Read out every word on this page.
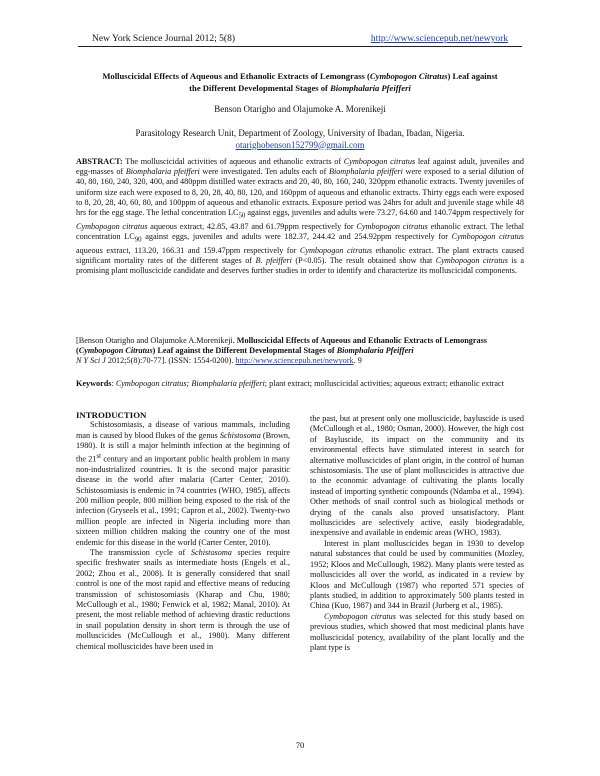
New York Science Journal 2012; 5(8)	http://www.sciencepub.net/newyork
Molluscicidal Effects of Aqueous and Ethanolic Extracts of Lemongrass (Cymbopogon Citratus) Leaf against
the Different Developmental Stages of Biomphalaria Pfeifferi
Benson Otarigho and Olajumoke A. Morenikeji
Parasitology Research Unit, Department of Zoology, University of Ibadan, Ibadan, Nigeria.
otarighobenson152799@gmail.com

ABSTRACT: The molluscicidal activities of aqueous and ethanolic extracts of Cymbopogon citratus leaf against adult, juveniles and egg-masses of Biomphalaria pfeifferi were investigated. Ten adults each of Biomphalaria pfeifferi were exposed to a serial dilution of 40, 80, 160, 240, 320, 400, and 480ppm distilled water extracts and 20, 40, 80, 160, 240, 320ppm ethanolic extracts. Twenty juveniles of uniform size each were exposed to 8, 20, 28, 40, 80, 120, and 160ppm of aqueous and ethanolic extracts. Thirty eggs each were exposed to 8, 20, 28, 40, 60, 80, and 100ppm of aqueous and ethanolic extracts. Exposure period was 24hrs for adult and juvenile stage while 48 hrs for the egg stage. The lethal concentration $LC_{50}$ against eggs, juveniles and adults were 73.27, 64.60 and 140.74ppm respectively for Cymbopogon citratus aqueous extract, 42.85, 43.87 and 61.79ppm respectively for Cymbopogon citratus ethanolic extract. The lethal concentration $LC_{90}$ against eggs, juveniles and adults were 182.37, 244.42 and 254.92ppm respectively for Cymbopogon citratus aqueous extract, 113.20, 166.31 and 159.47ppm respectively for Cymbopogon citratus ethanolic extract. The plant extracts caused significant mortality rates of the different stages of B. pfeifferi (P<0.05). The result obtained show that Cymbopogon citratus is a promising plant molluscicide candidate and deserves further studies in order to identify and characterize its molluscicidal components.

[Benson Otarigho and Olajumoke A.Morenikeji. Molluscicidal Effects of Aqueous and Ethanolic Extracts of Lemongrass (Cymbopogon Citratus) Leaf against the Different Developmental Stages of Biomphalaria Pfeifferi
N Y Sci J 2012;5(8):70-77]. (ISSN: 1554-0200). http://www.sciencepub.net/newyork. 9

Keywords: Cymbopogon citratus; Biomphalaria pfeifferi; plant extract; molluscicidal activities; aqueous extract; ethanolic extract

INTRODUCTION

Schistosomiasis, a disease of various mammals, including man is caused by blood flukes of the genus Schistosoma (Brown, 1980). It is still a major helminth infection at the beginning of the 21st century and an important public health problem in many non-industrialized countries. It is the second major parasitic disease in the world after malaria (Carter Center, 2010). Schistosomiasis is endemic in 74 countries (WHO, 1985), affects 200 million people, 800 million being exposed to the risk of the infection (Gryseels et al., 1991; Capron et al., 2002). Twenty-two million people are infected in Nigeria including more than sixteen million children making the country one of the most endemic for this disease in the world (Carter Center, 2010).

The transmission cycle of Schistosoma species require specific freshwater snails as intermediate hosts (Engels et al., 2002; Zhou et al., 2008). It is generally considered that snail control is one of the most rapid and effective means of reducing transmission of schistosomiasis (Kharap and Chu, 1980; McCullough et al., 1980; Fenwick et al, 1982; Manal, 2010). At present, the most reliable method of achieving drastic reductions in snail population density in short term is through the use of molluscicides (McCullough et al., 1980). Many different chemical molluscicides have been used in

the past, but at present only one molluscicide, bayluscide is used (McCullough et al., 1980; Osman, 2000). However, the high cost of Bayluscide, its impact on the community and its environmental effects have stimulated interest in search for alternative molluscicides of plant origin, in the control of human schistosomiasis. The use of plant molluscicides is attractive due to the economic advantage of cultivating the plants locally instead of importing synthetic compounds (Ndamba et al., 1994). Other methods of snail control such as biological methods or drying of the canals also proved unsatisfactory. Plant molluscicides are selectively active, easily biodegradable, inexpensive and available in endemic areas (WHO, 1983).

Interest in plant molluscicides began in 1930 to develop natural substances that could be used by communities (Mozley, 1952; Kloos and McCullough, 1982). Many plants were tested as molluscicides all over the world, as indicated in a review by Kloos and McCullough (1987) who reported 571 species of plants studied, in addition to approximately 500 plants tested in China (Kuo, 1987) and 344 in Brazil (Jurberg et al., 1985).

Cymbopogon citratus was selected for this study based on previous studies, which showed that most medicinal plants have molluscicidal potency, availability of the plant locally and the plant type is

70
